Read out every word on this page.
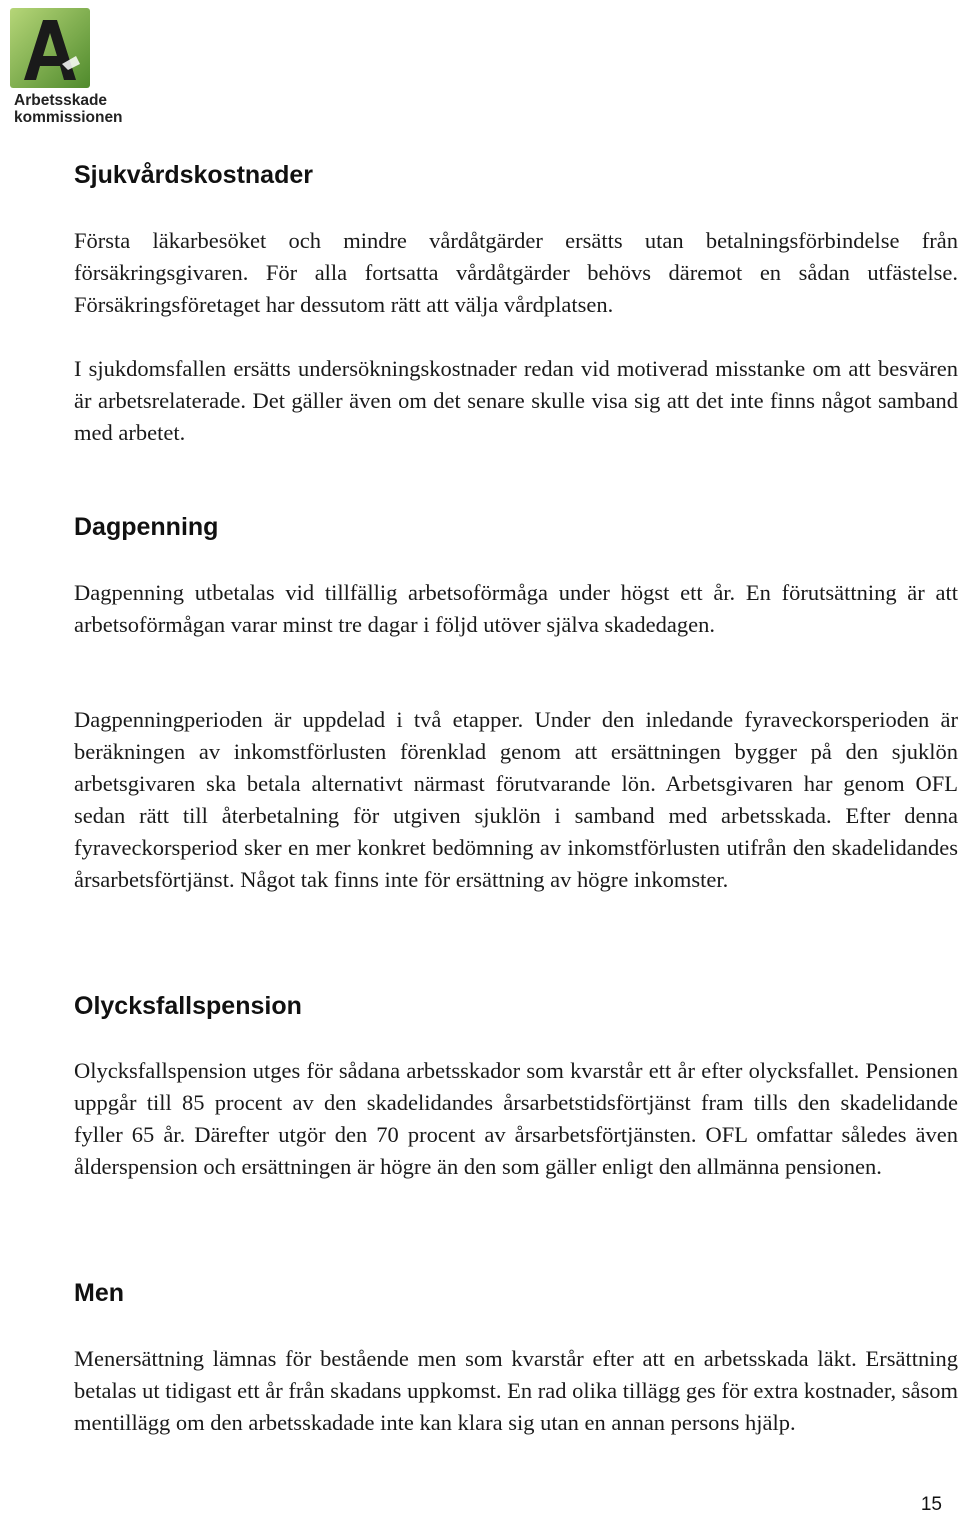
Arbetsskade
kommissionen
Sjukvårdskostnader

Första läkarbesöket och mindre vårdåtgärder ersätts utan betalningsförbindelse från försäkringsgivaren. För alla fortsatta vårdåtgärder behövs däremot en sådan utfästelse. Försäkringsföretaget har dessutom rätt att välja vårdplatsen.

I sjukdomsfallen ersätts undersökningskostnader redan vid motiverad misstanke om att besvären är arbetsrelaterade. Det gäller även om det senare skulle visa sig att det inte finns något samband med arbetet.

Dagpenning

Dagpenning utbetalas vid tillfällig arbetsoförmåga under högst ett år. En förutsättning är att arbetsoförmågan varar minst tre dagar i följd utöver själva skadedagen.

Dagpenningperioden är uppdelad i två etapper. Under den inledande fyraveckorsperioden är beräkningen av inkomstförlusten förenklad genom att ersättningen bygger på den sjuklön arbetsgivaren ska betala alternativt närmast förutvarande lön. Arbetsgivaren har genom OFL sedan rätt till återbetalning för utgiven sjuklön i samband med arbetsskada. Efter denna fyraveckorsperiod sker en mer konkret bedömning av inkomstförlusten utifrån den skadelidandes årsarbetsförtjänst. Något tak finns inte för ersättning av högre inkomster.

Olycksfallspension

Olycksfallspension utges för sådana arbetsskador som kvarstår ett år efter olycksfallet. Pensionen uppgår till 85 procent av den skadelidandes årsarbetstidsförtjänst fram tills den skadelidande fyller 65 år. Därefter utgör den 70 procent av årsarbetsförtjänsten. OFL omfattar således även ålderspension och ersättningen är högre än den som gäller enligt den allmänna pensionen.

Men

Menersättning lämnas för bestående men som kvarstår efter att en arbetsskada läkt. Ersättning betalas ut tidigast ett år från skadans uppkomst. En rad olika tillägg ges för extra kostnader, såsom mentillägg om den arbetsskadade inte kan klara sig utan en annan persons hjälp.

15
